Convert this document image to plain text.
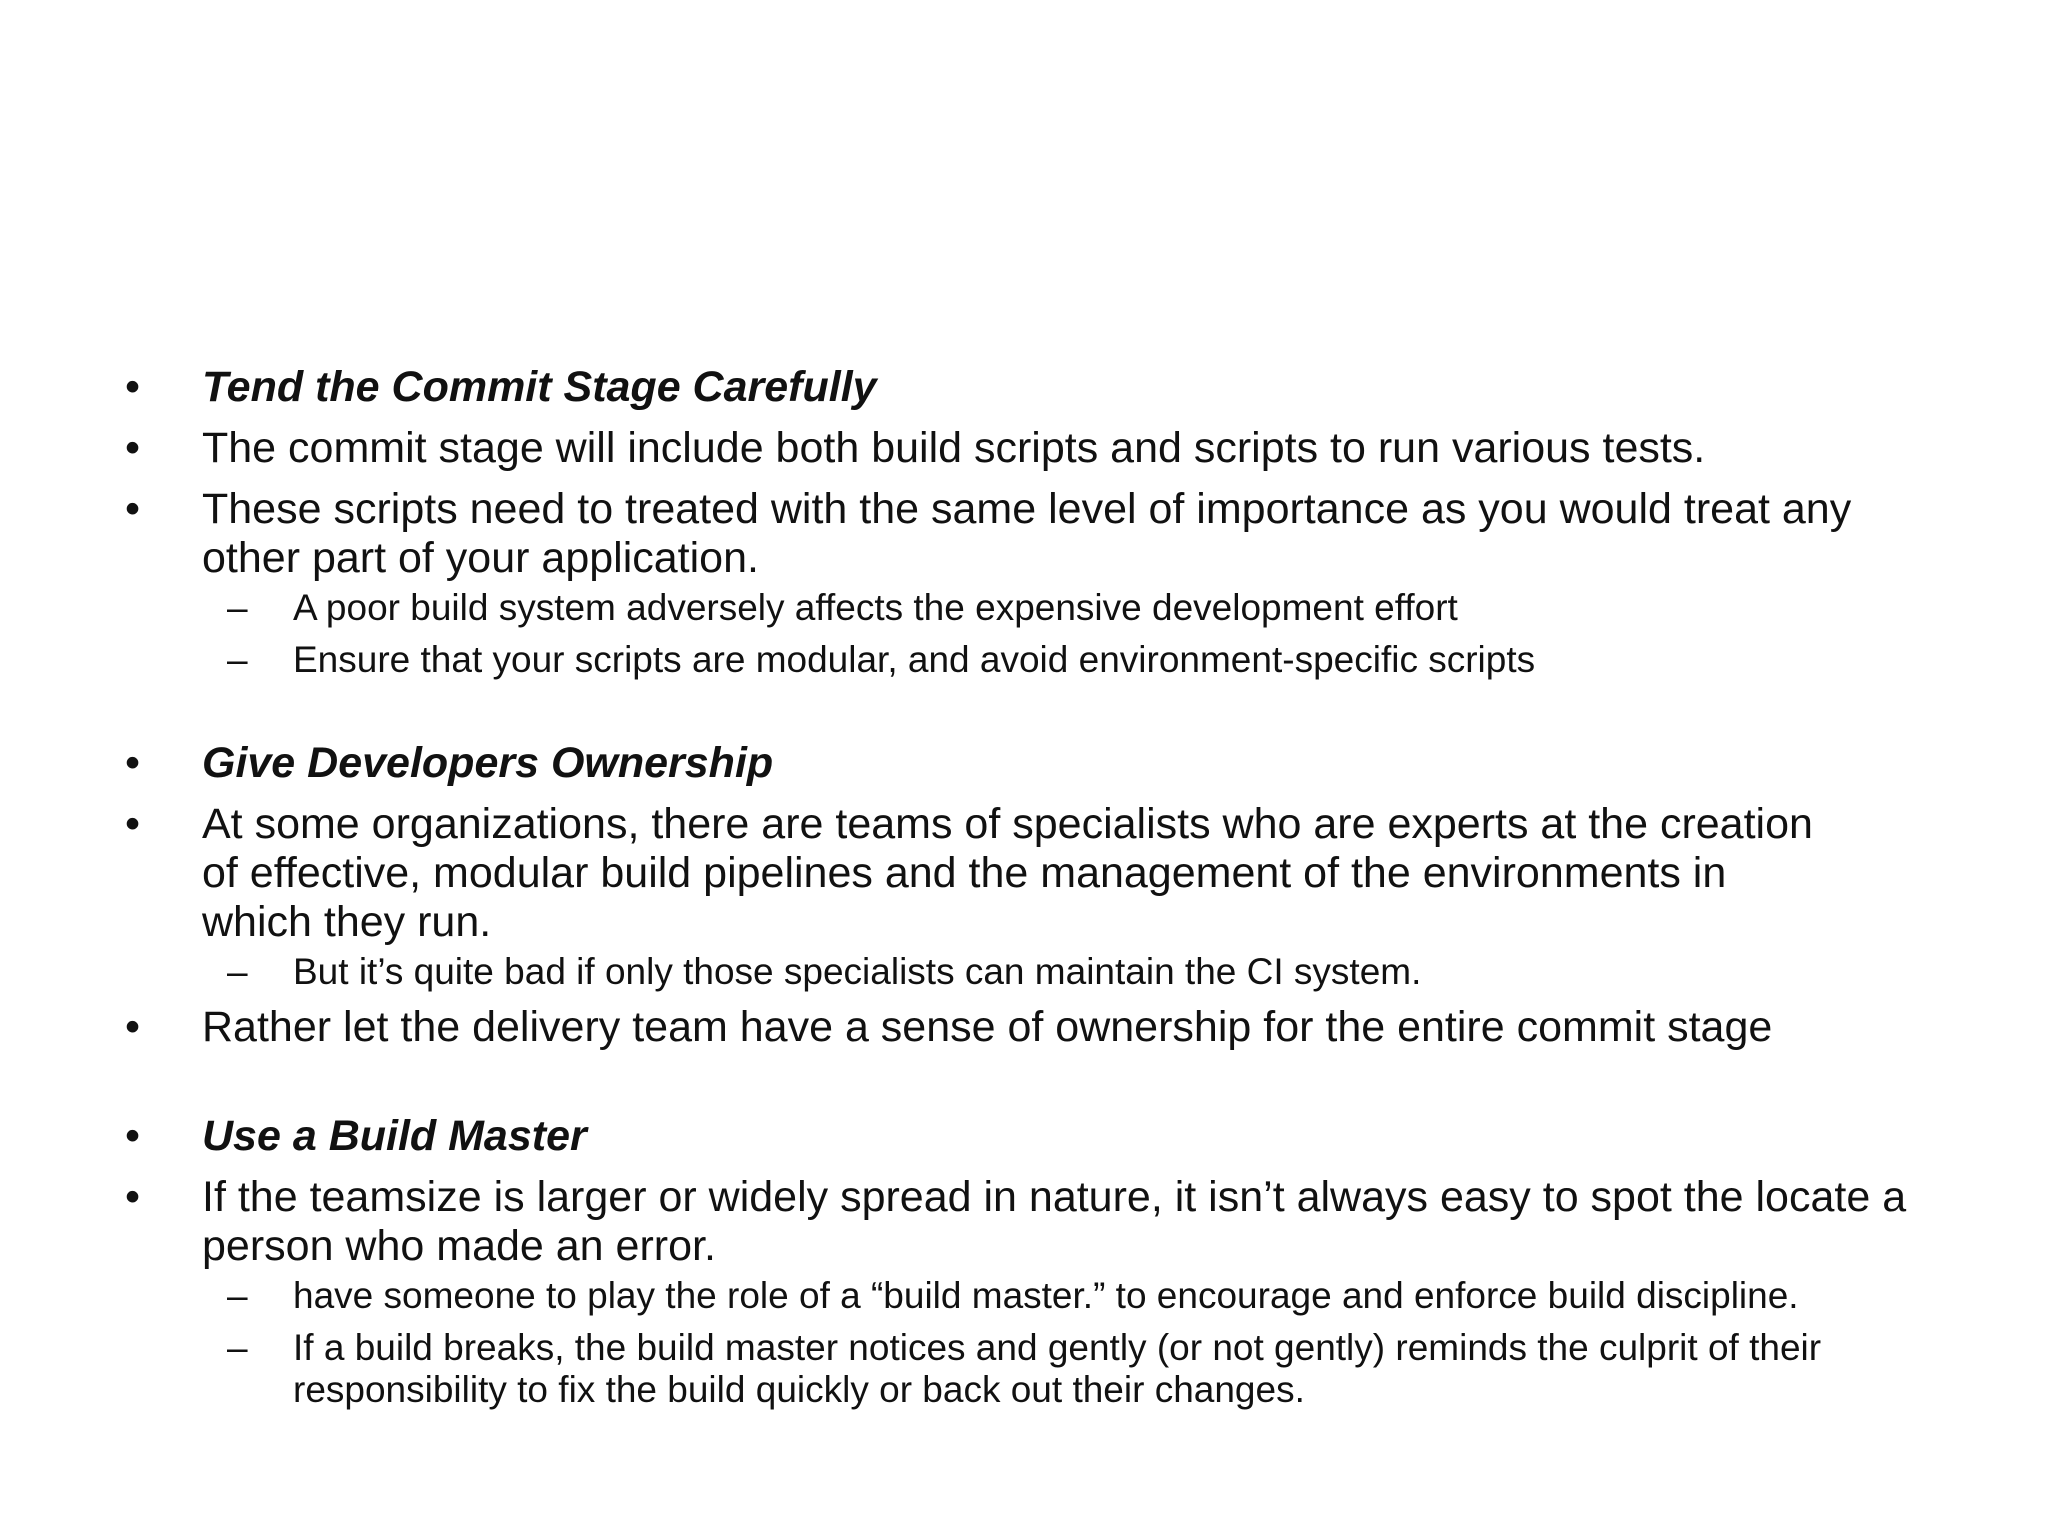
•	Tend the Commit Stage Carefully
•	The commit stage will include both build scripts and scripts to run various tests.
•	These scripts need to treated with the same level of importance as you would treat any other part of your application.
–	A poor build system adversely affects the expensive development effort
–	Ensure that your scripts are modular, and avoid environment-specific scripts
•	Give Developers Ownership
•	At some organizations, there are teams of specialists who are experts at the creation of effective, modular build pipelines and the management of the environments in which they run.
–	But it’s quite bad if only those specialists can maintain the CI system.
•	Rather let the delivery team have a sense of ownership for the entire commit stage
•	Use a Build Master
•	If the teamsize is larger or widely spread in nature, it isn’t always easy to spot the locate a person who made an error.
–	have someone to play the role of a “build master.” to encourage and enforce build discipline.
–	If a build breaks, the build master notices and gently (or not gently) reminds the culprit of their responsibility to fix the build quickly or back out their changes.
